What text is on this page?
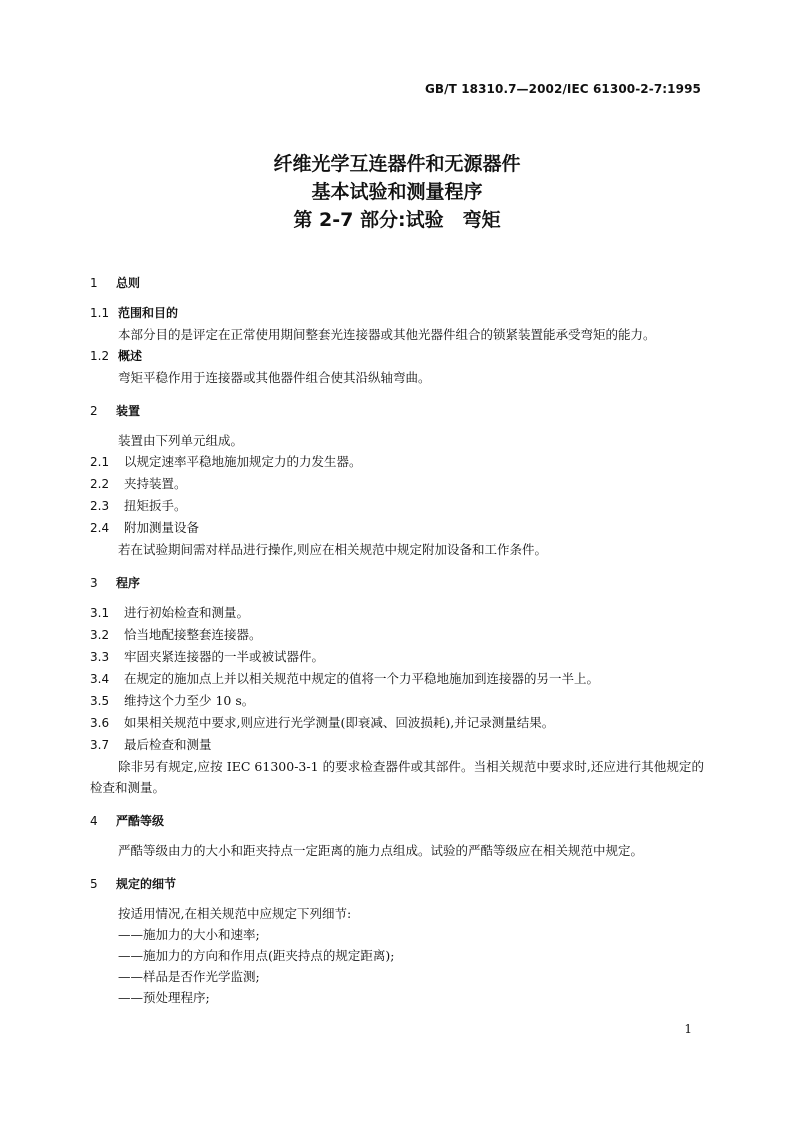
GB/T 18310.7—2002/IEC 61300-2-7:1995
纤维光学互连器件和无源器件
基本试验和测量程序
第 2-7 部分:试验　弯矩
1 总则
1.1 范围和目的
本部分目的是评定在正常使用期间整套光连接器或其他光器件组合的锁紧装置能承受弯矩的能力。
1.2 概述
弯矩平稳作用于连接器或其他器件组合使其沿纵轴弯曲。
2 装置
装置由下列单元组成。
2.1 以规定速率平稳地施加规定力的力发生器。
2.2 夹持装置。
2.3 扭矩扳手。
2.4 附加测量设备
若在试验期间需对样品进行操作,则应在相关规范中规定附加设备和工作条件。
3 程序
3.1 进行初始检查和测量。
3.2 恰当地配接整套连接器。
3.3 牢固夹紧连接器的一半或被试器件。
3.4 在规定的施加点上并以相关规范中规定的值将一个力平稳地施加到连接器的另一半上。
3.5 维持这个力至少 10 s。
3.6 如果相关规范中要求,则应进行光学测量(即衰减、回波损耗),并记录测量结果。
3.7 最后检查和测量
除非另有规定,应按 IEC 61300-3-1 的要求检查器件或其部件。当相关规范中要求时,还应进行其他规定的检查和测量。
4 严酷等级
严酷等级由力的大小和距夹持点一定距离的施力点组成。试验的严酷等级应在相关规范中规定。
5 规定的细节
按适用情况,在相关规范中应规定下列细节:
——施加力的大小和速率;
——施加力的方向和作用点(距夹持点的规定距离);
——样品是否作光学监测;
——预处理程序;
1
